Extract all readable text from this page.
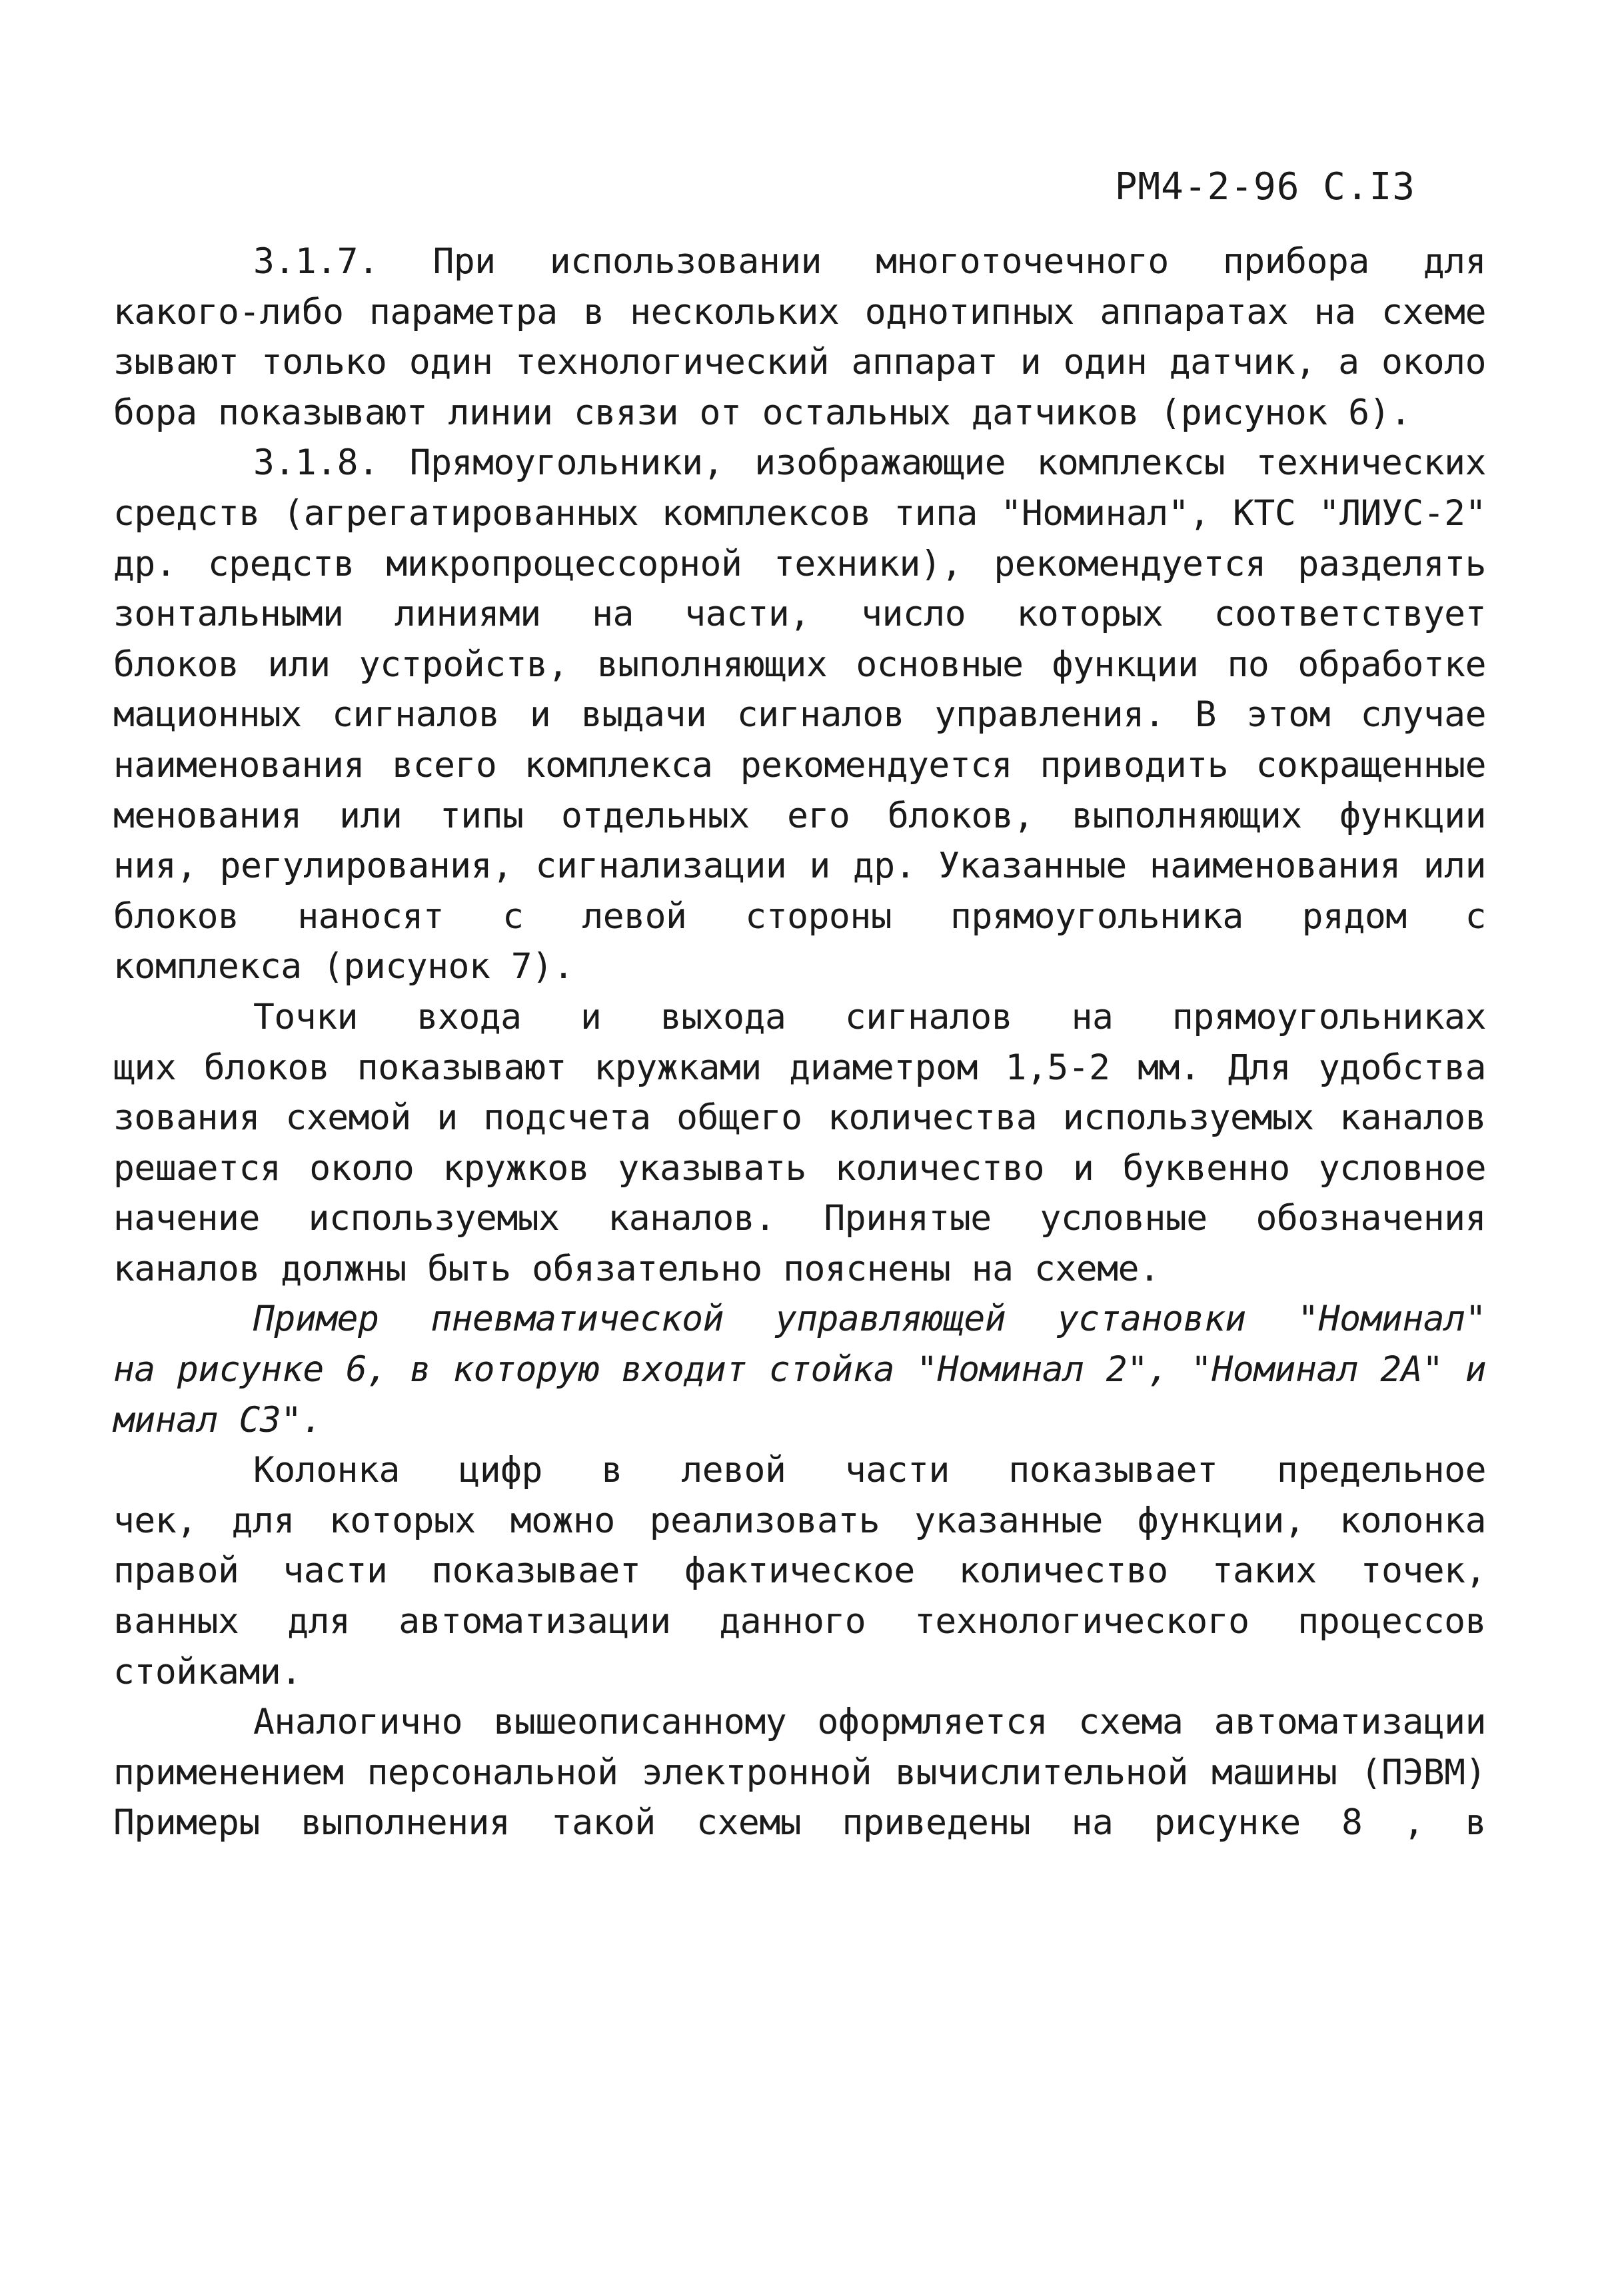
РМ4-2-96 С.I3
3.1.7. При использовании многоточечного прибора для
какого-либо параметра в нескольких однотипных аппаратах на схеме
зывают только один технологический аппарат и один датчик, а около
бора показывают линии связи от остальных датчиков (рисунок 6).
3.1.8. Прямоугольники, изображающие комплексы технических
средств (агрегатированных комплексов типа "Номинал", КТС "ЛИУС-2"
др. средств микропроцессорной техники), рекомендуется разделять
зонтальными линиями на части, число которых соответствует
блоков или устройств, выполняющих основные функции по обработке
мационных сигналов и выдачи сигналов управления. В этом случае
наименования всего комплекса рекомендуется приводить сокращенные
менования или типы отдельных его блоков, выполняющих функции
ния, регулирования, сигнализации и др. Указанные наименования или
блоков наносят с левой стороны прямоугольника рядом с
комплекса (рисунок 7).
Точки входа и выхода сигналов на прямоугольниках
щих блоков показывают кружками диаметром 1,5-2 мм. Для удобства
зования схемой и подсчета общего количества используемых каналов
решается около кружков указывать количество и буквенно условное
начение используемых каналов. Принятые условные обозначения
каналов должны быть обязательно пояснены на схеме.
Пример пневматической управляющей установки "Номинал"
на рисунке 6, в которую входит стойка "Номинал 2", "Номинал 2А" и
минал С3".
Колонка цифр в левой части показывает предельное
чек, для которых можно реализовать указанные функции, колонка
правой части показывает фактическое количество таких точек,
ванных для автоматизации данного технологического процессов
стойками.
Аналогично вышеописанному оформляется схема автоматизации
применением персональной электронной вычислительной машины (ПЭВМ)
Примеры выполнения такой схемы приведены на рисунке 8 , в
